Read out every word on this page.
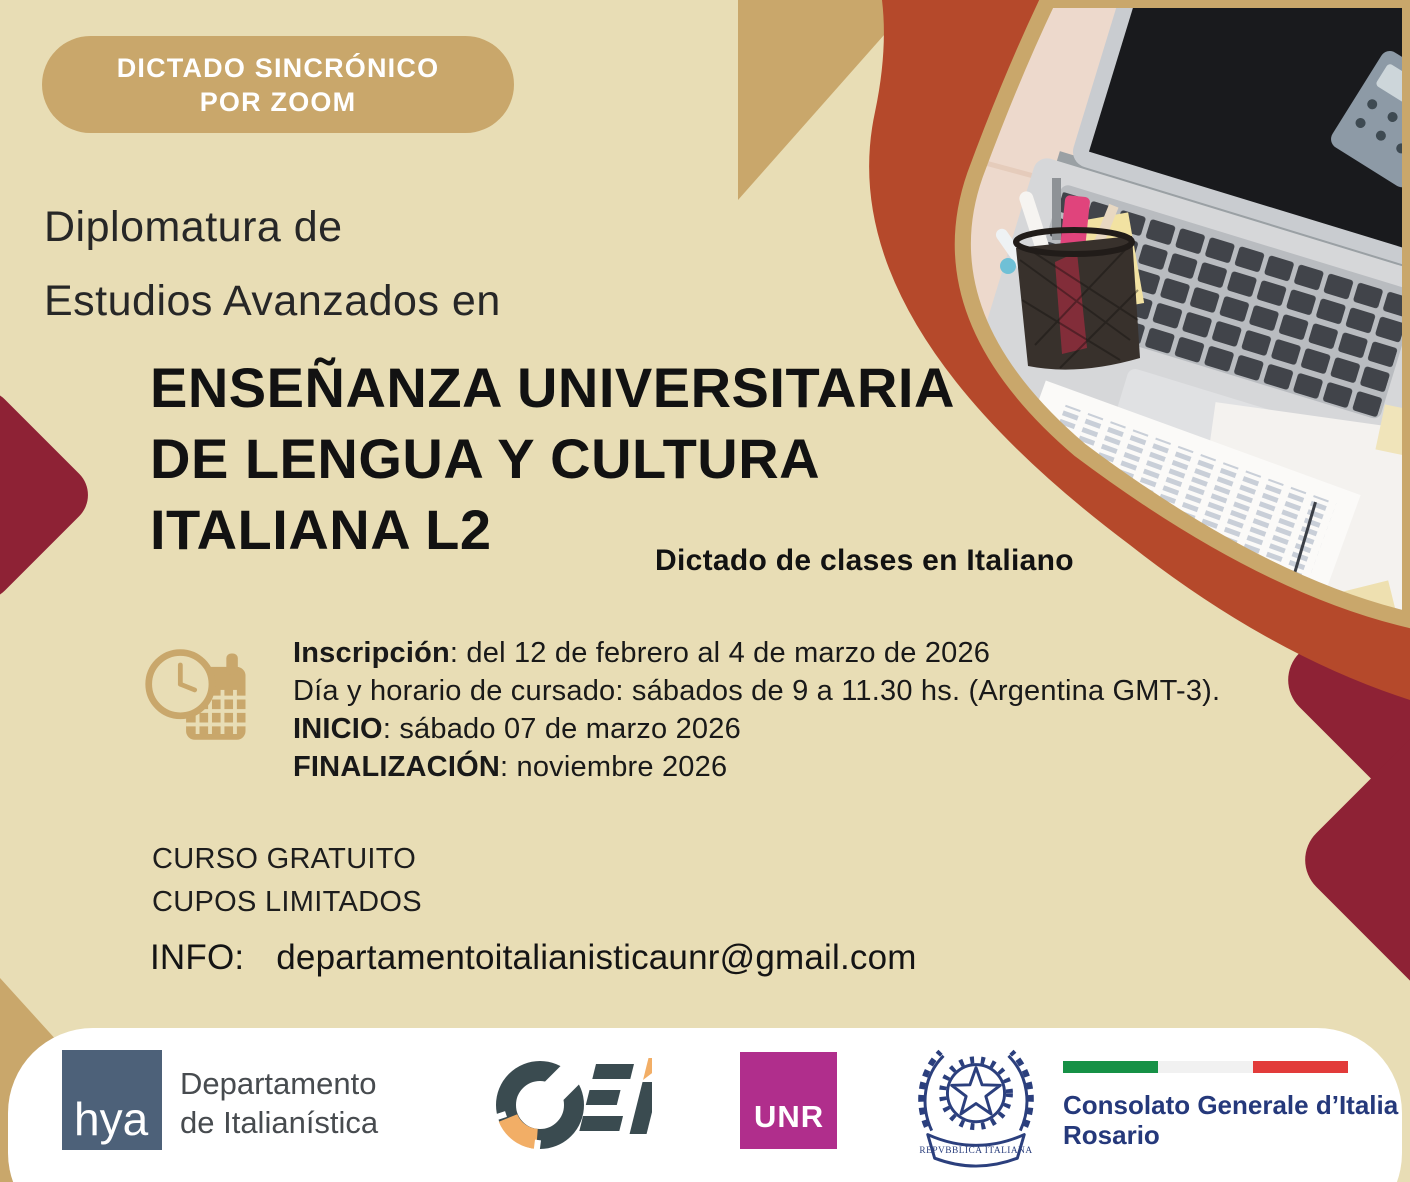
DICTADO SINCRÓNICO
POR ZOOM
Diplomatura de
Estudios Avanzados en
ENSEÑANZA UNIVERSITARIA
DE LENGUA Y CULTURA
ITALIANA L2	Dictado de clases en Italiano
Inscripción: del 12 de febrero al 4 de marzo de 2026
Día y horario de cursado: sábados de 9 a 11.30 hs. (Argentina GMT-3).
INICIO: sábado 07 de marzo 2026
FINALIZACIÓN: noviembre 2026
CURSO GRATUITO
CUPOS LIMITADOS
INFO: departamentoitalianisticaunr@gmail.com
hya
Departamento
de Italianística	UNR
REPVBBLICA ITALIANA
Consolato Generale d’Italia
Rosario
